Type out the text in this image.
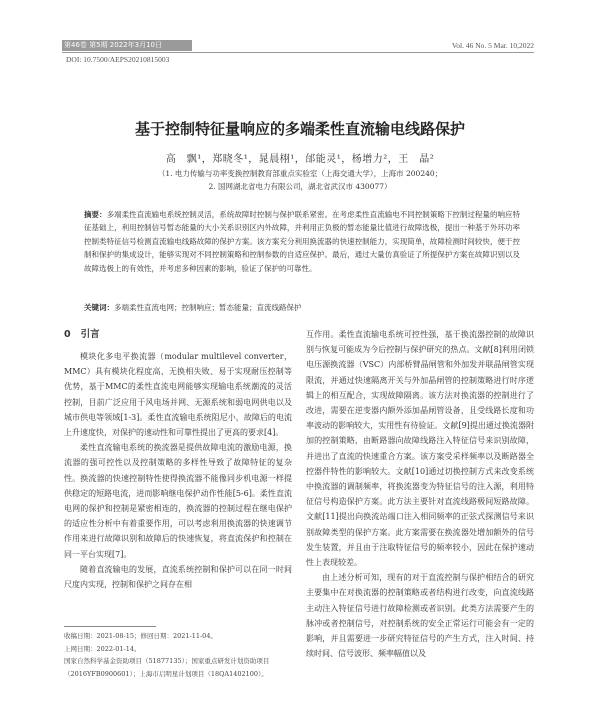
第46卷 第5期 2022年3月10日	Vol. 46 No. 5 Mar. 10,2022
DOI: 10.7500/AEPS20210815003
基于控制特征量响应的多端柔性直流输电线路保护
高　飘¹，郑晓冬¹，晁晨栩¹，邰能灵¹，杨增力²，王　晶²
（1. 电力传输与功率变换控制教育部重点实验室（上海交通大学），上海市 200240；
2. 国网湖北省电力有限公司，湖北省武汉市 430077）
摘要：多端柔性直流输电系统控制灵活，系统故障时控制与保护联系紧密。在考虑柔性直流输电不同控制策略下控制过程量的响应特征基础上，利用控制信号暂态能量的大小关系识别区内外故障，并利用正负极的暂态能量比值进行故障选极，提出一种基于外环功率控制类特征信号检测直流输电线路故障的保护方案。该方案充分利用换流器的快速控制能力，实现简单，故障检测时间较快，便于控制和保护的集成设计，能够实现对不同控制策略和控制参数的自适应保护。最后，通过大量仿真验证了所提保护方案在故障识别以及故障选极上的有效性，并考虑多种因素的影响，验证了保护的可靠性。
关键词：多端柔性直流电网；控制响应；暂态能量；直流线路保护
0 引言

模块化多电平换流器（modular multilevel converter，MMC）具有模块化程度高、无换相失败、易于实现耐压控制等优势，基于MMC的柔性直流电网能够实现输电系统潮流的灵活控制，目前广泛应用于风电场并网、无源系统和弱电网供电以及城市供电等领域[1-3]。柔性直流输电系统阻尼小，故障后的电流上升速度快，对保护的速动性和可靠性提出了更高的要求[4]。

柔性直流输电系统的换流器是提供故障电流的激励电源，换流器的强可控性以及控制策略的多样性导致了故障特征的复杂性。换流器的快速控制特性使得换流器不能像同步机电源一样提供稳定的短路电流，进而影响继电保护动作性能[5-6]。柔性直流电网的保护和控制是紧密相连的，换流器的控制过程在继电保护的适应性分析中有着重要作用，可以考虑利用换流器的快速调节作用来进行故障识别和故障后的快速恢复，将直流保护和控制在同一平台实现[7]。

随着直流输电的发展，直流系统控制和保护可以在同一时间尺度内实现，控制和保护之间存在相

互作用。柔性直流输电系统可控性强，基于换流器控制的故障识别与恢复可能成为今后控制与保护研究的热点。文献[8]利用闭锁电压源换流器（VSC）内部桥臂晶闸管和外加发并联晶闸管实现限流，并通过快速隔离开关与外加晶闸管的控制策略进行时序逻辑上的相互配合，实现故障隔离。该方法对换流器的控制进行了改进，需要在逆变器内额外添加晶闸管设备，且受线路长度和功率波动的影响较大，实用性有待验证。文献[9]提出通过换流器附加的控制策略，由断路器向故障线路注入特征信号来识别故障，并进出了直流的快速重合方案。该方案受采样频率以及断路器全控器件特性的影响较大。文献[10]通过切换控制方式来改变系统中换流器的调制频率，将换流器变为特征信号的注入源，利用特征信号构造保护方案。此方法主要针对直流线路极间短路故障。文献[11]提出向换流站端口注入相同频率的正弦式探测信号来识别故障类型的保护方案。此方案需要在换流器处增加额外的信号发生装置，并且由于注取特征信号的频率较小，因此在保护速动性上表现较差。

由上述分析可知，现有的对于直流控制与保护相结合的研究主要集中在对换流器的控制策略或者结构进行改变，向直流线路主动注入特征信号进行故障检测或者识别。此类方法需要产生的脉冲或者控制信号，对控制系统的安全正常运行可能会有一定的影响，并且需要进一步研究特征信号的产生方式，注入时间、持续时间、信号波形、频率幅值以及

收稿日期：2021-08-15；修回日期：2021-11-04。
上网日期：2022-01-14。
国家自然科学基金资助项目（51877135）；国家重点研发计划资助项目（2016YFB0900601）；上海市启明星计划项目（18QA1402100）。
